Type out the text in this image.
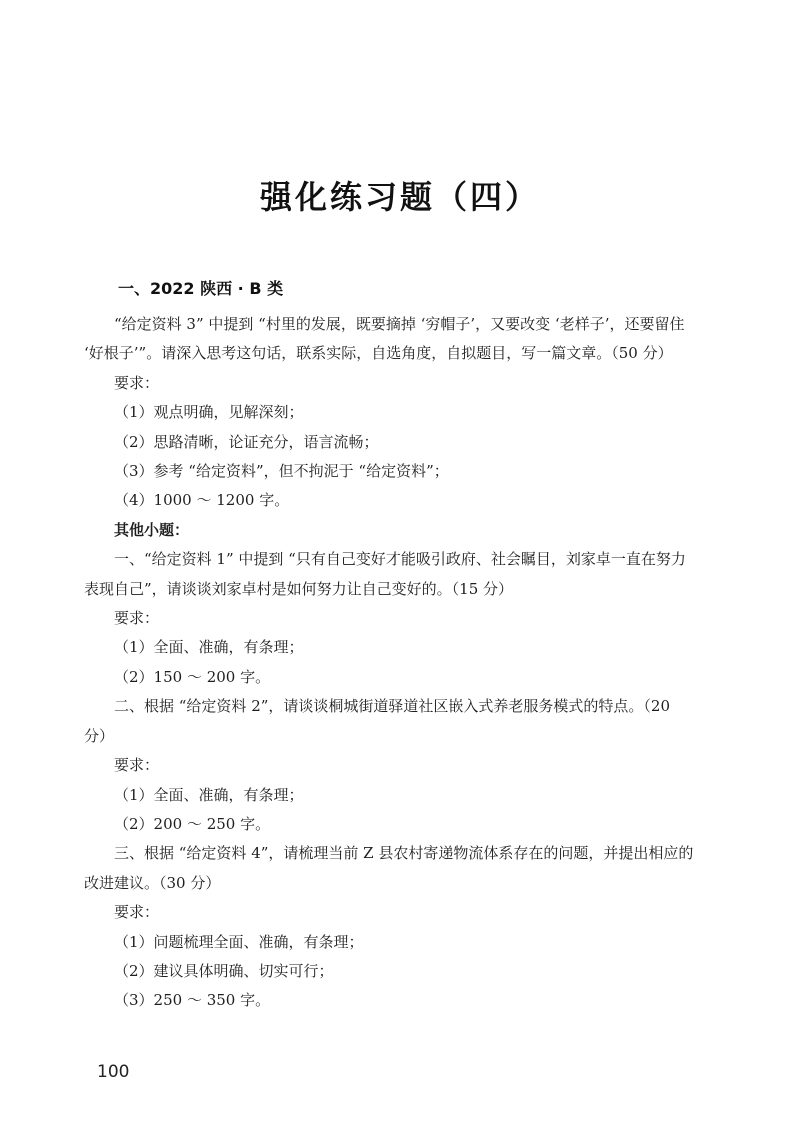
强化练习题（四）
一、2022 陕西 · B 类

“给定资料 3” 中提到 “村里的发展，既要摘掉 ‘穷帽子’，又要改变 ‘老样子’，还要留住 ‘好根子’”。请深入思考这句话，联系实际，自选角度，自拟题目，写一篇文章。（50 分）

要求：

（1）观点明确，见解深刻；

（2）思路清晰，论证充分，语言流畅；

（3）参考 “给定资料”，但不拘泥于 “给定资料”；

（4）1000 ～ 1200 字。

其他小题：

一、“给定资料 1” 中提到 “只有自己变好才能吸引政府、社会瞩目，刘家卓一直在努力表现自己”，请谈谈刘家卓村是如何努力让自己变好的。（15 分）

要求：

（1）全面、准确，有条理；

（2）150 ～ 200 字。

二、根据 “给定资料 2”，请谈谈桐城街道驿道社区嵌入式养老服务模式的特点。（20 分）

要求：

（1）全面、准确，有条理；

（2）200 ～ 250 字。

三、根据 “给定资料 4”，请梳理当前 Z 县农村寄递物流体系存在的问题，并提出相应的改进建议。（30 分）

要求：

（1）问题梳理全面、准确，有条理；

（2）建议具体明确、切实可行；

（3）250 ～ 350 字。

100
